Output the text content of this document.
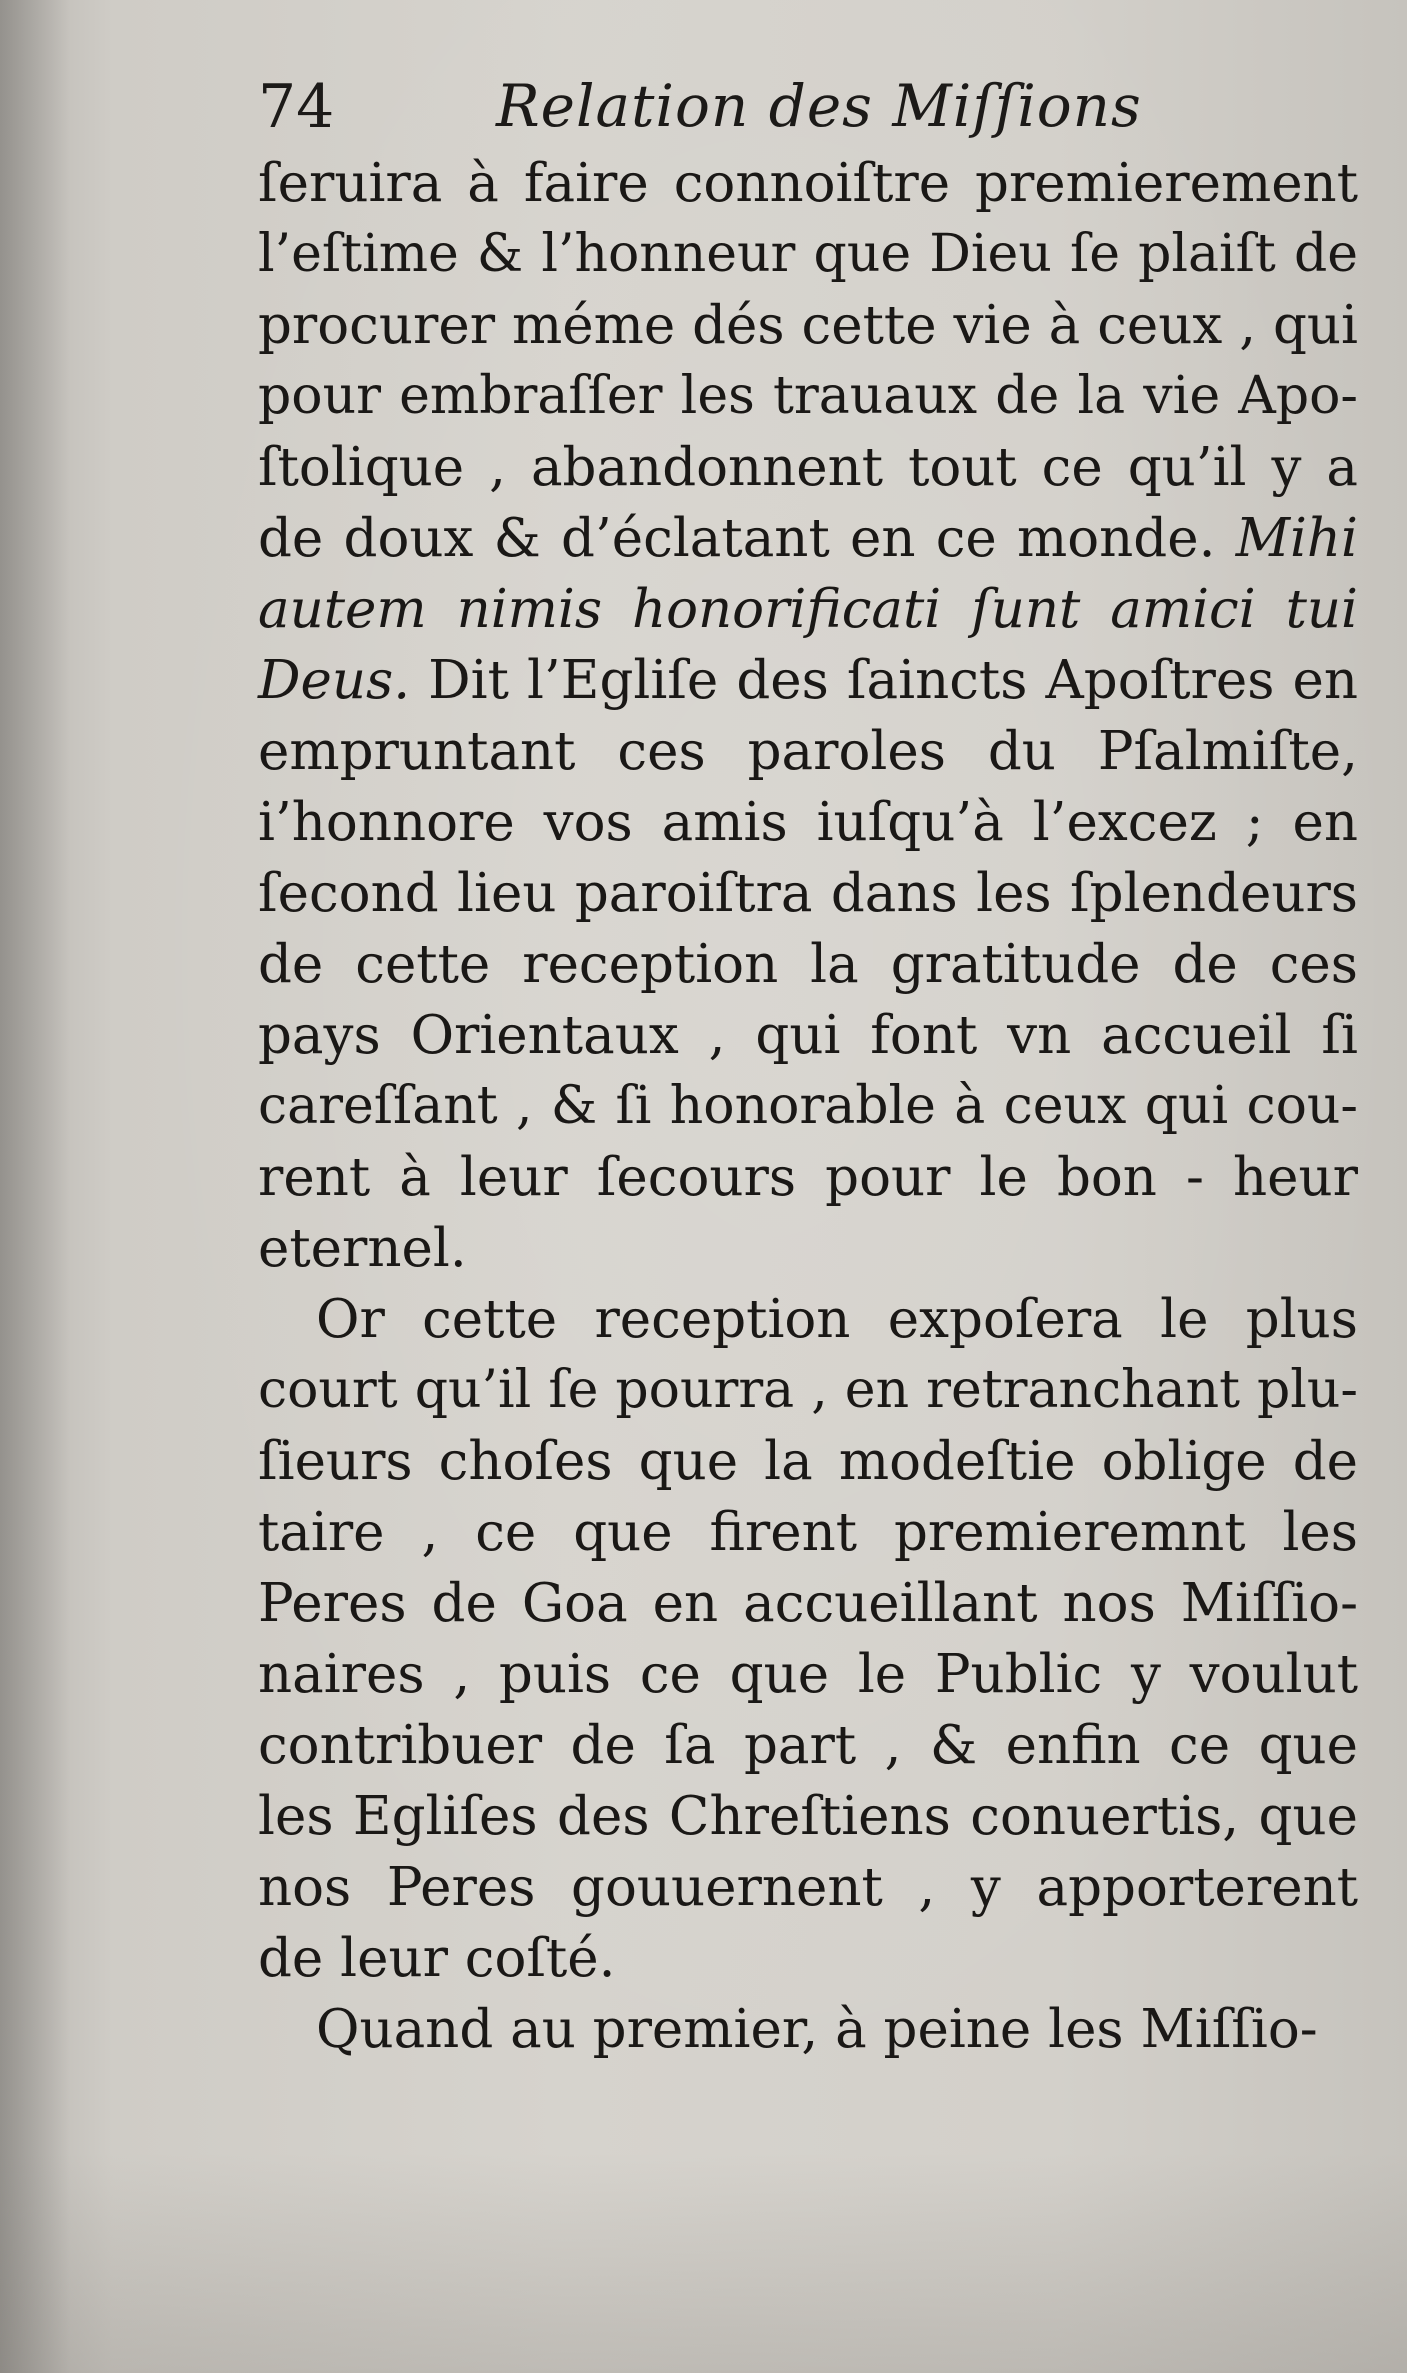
74	Relation des Miſſions

ſeruira à faire connoiſtre premierement
l’eſtime & l’honneur que Dieu ſe plaiſt de
procurer méme dés cette vie à ceux , qui
pour embraſſer les trauaux de la vie Apo-
ſtolique , abandonnent tout ce qu’il y a
de doux & d’éclatant en ce monde. Mihi
autem nimis honorificati ſunt amici tui
Deus. Dit l’Egliſe des ſaincts Apoſtres en
empruntant ces paroles du Pſalmiſte,
i’honnore vos amis iuſqu’à l’excez ; en
ſecond lieu paroiſtra dans les ſplendeurs
de cette reception la gratitude de ces
pays Orientaux , qui font vn accueil ſi
careſſant , & ſi honorable à ceux qui cou-
rent à leur ſecours pour le bon - heur
eternel.

Or cette reception expoſera le plus
court qu’il ſe pourra , en retranchant plu-
ſieurs choſes que la modeſtie oblige de
taire , ce que firent premieremnt les
Peres de Goa en accueillant nos Miſſio-
naires , puis ce que le Public y voulut
contribuer de ſa part , & enfin ce que
les Egliſes des Chreſtiens conuertis, que
nos Peres gouuernent , y apporterent
de leur coſté.

Quand au premier, à peine les Miſſio-
